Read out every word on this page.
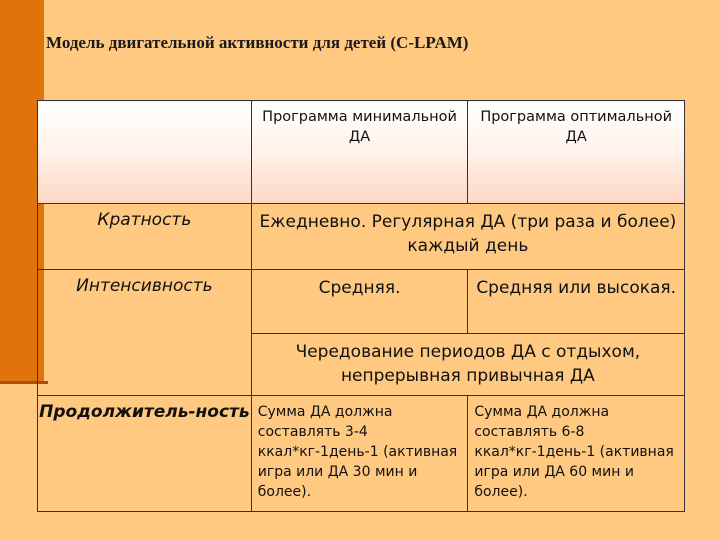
Модель двигательной активности для детей (C-LPAM)
	Программа минимальной ДА	Программа оптимальной ДА
Кратность	Ежедневно. Регулярная ДА (три раза и более) каждый день	
Интенсивность	Средняя.	Средняя или высокая.
	Чередование периодов ДА с отдыхом, непрерывная привычная ДА	
Продолжитель-ность	Сумма ДА должна составлять 3-4 ккал*кг-1день-1 (активная игра или ДА 30 мин и более).	Сумма ДА должна составлять 6-8 ккал*кг-1день-1 (активная игра или ДА 60 мин и более).
